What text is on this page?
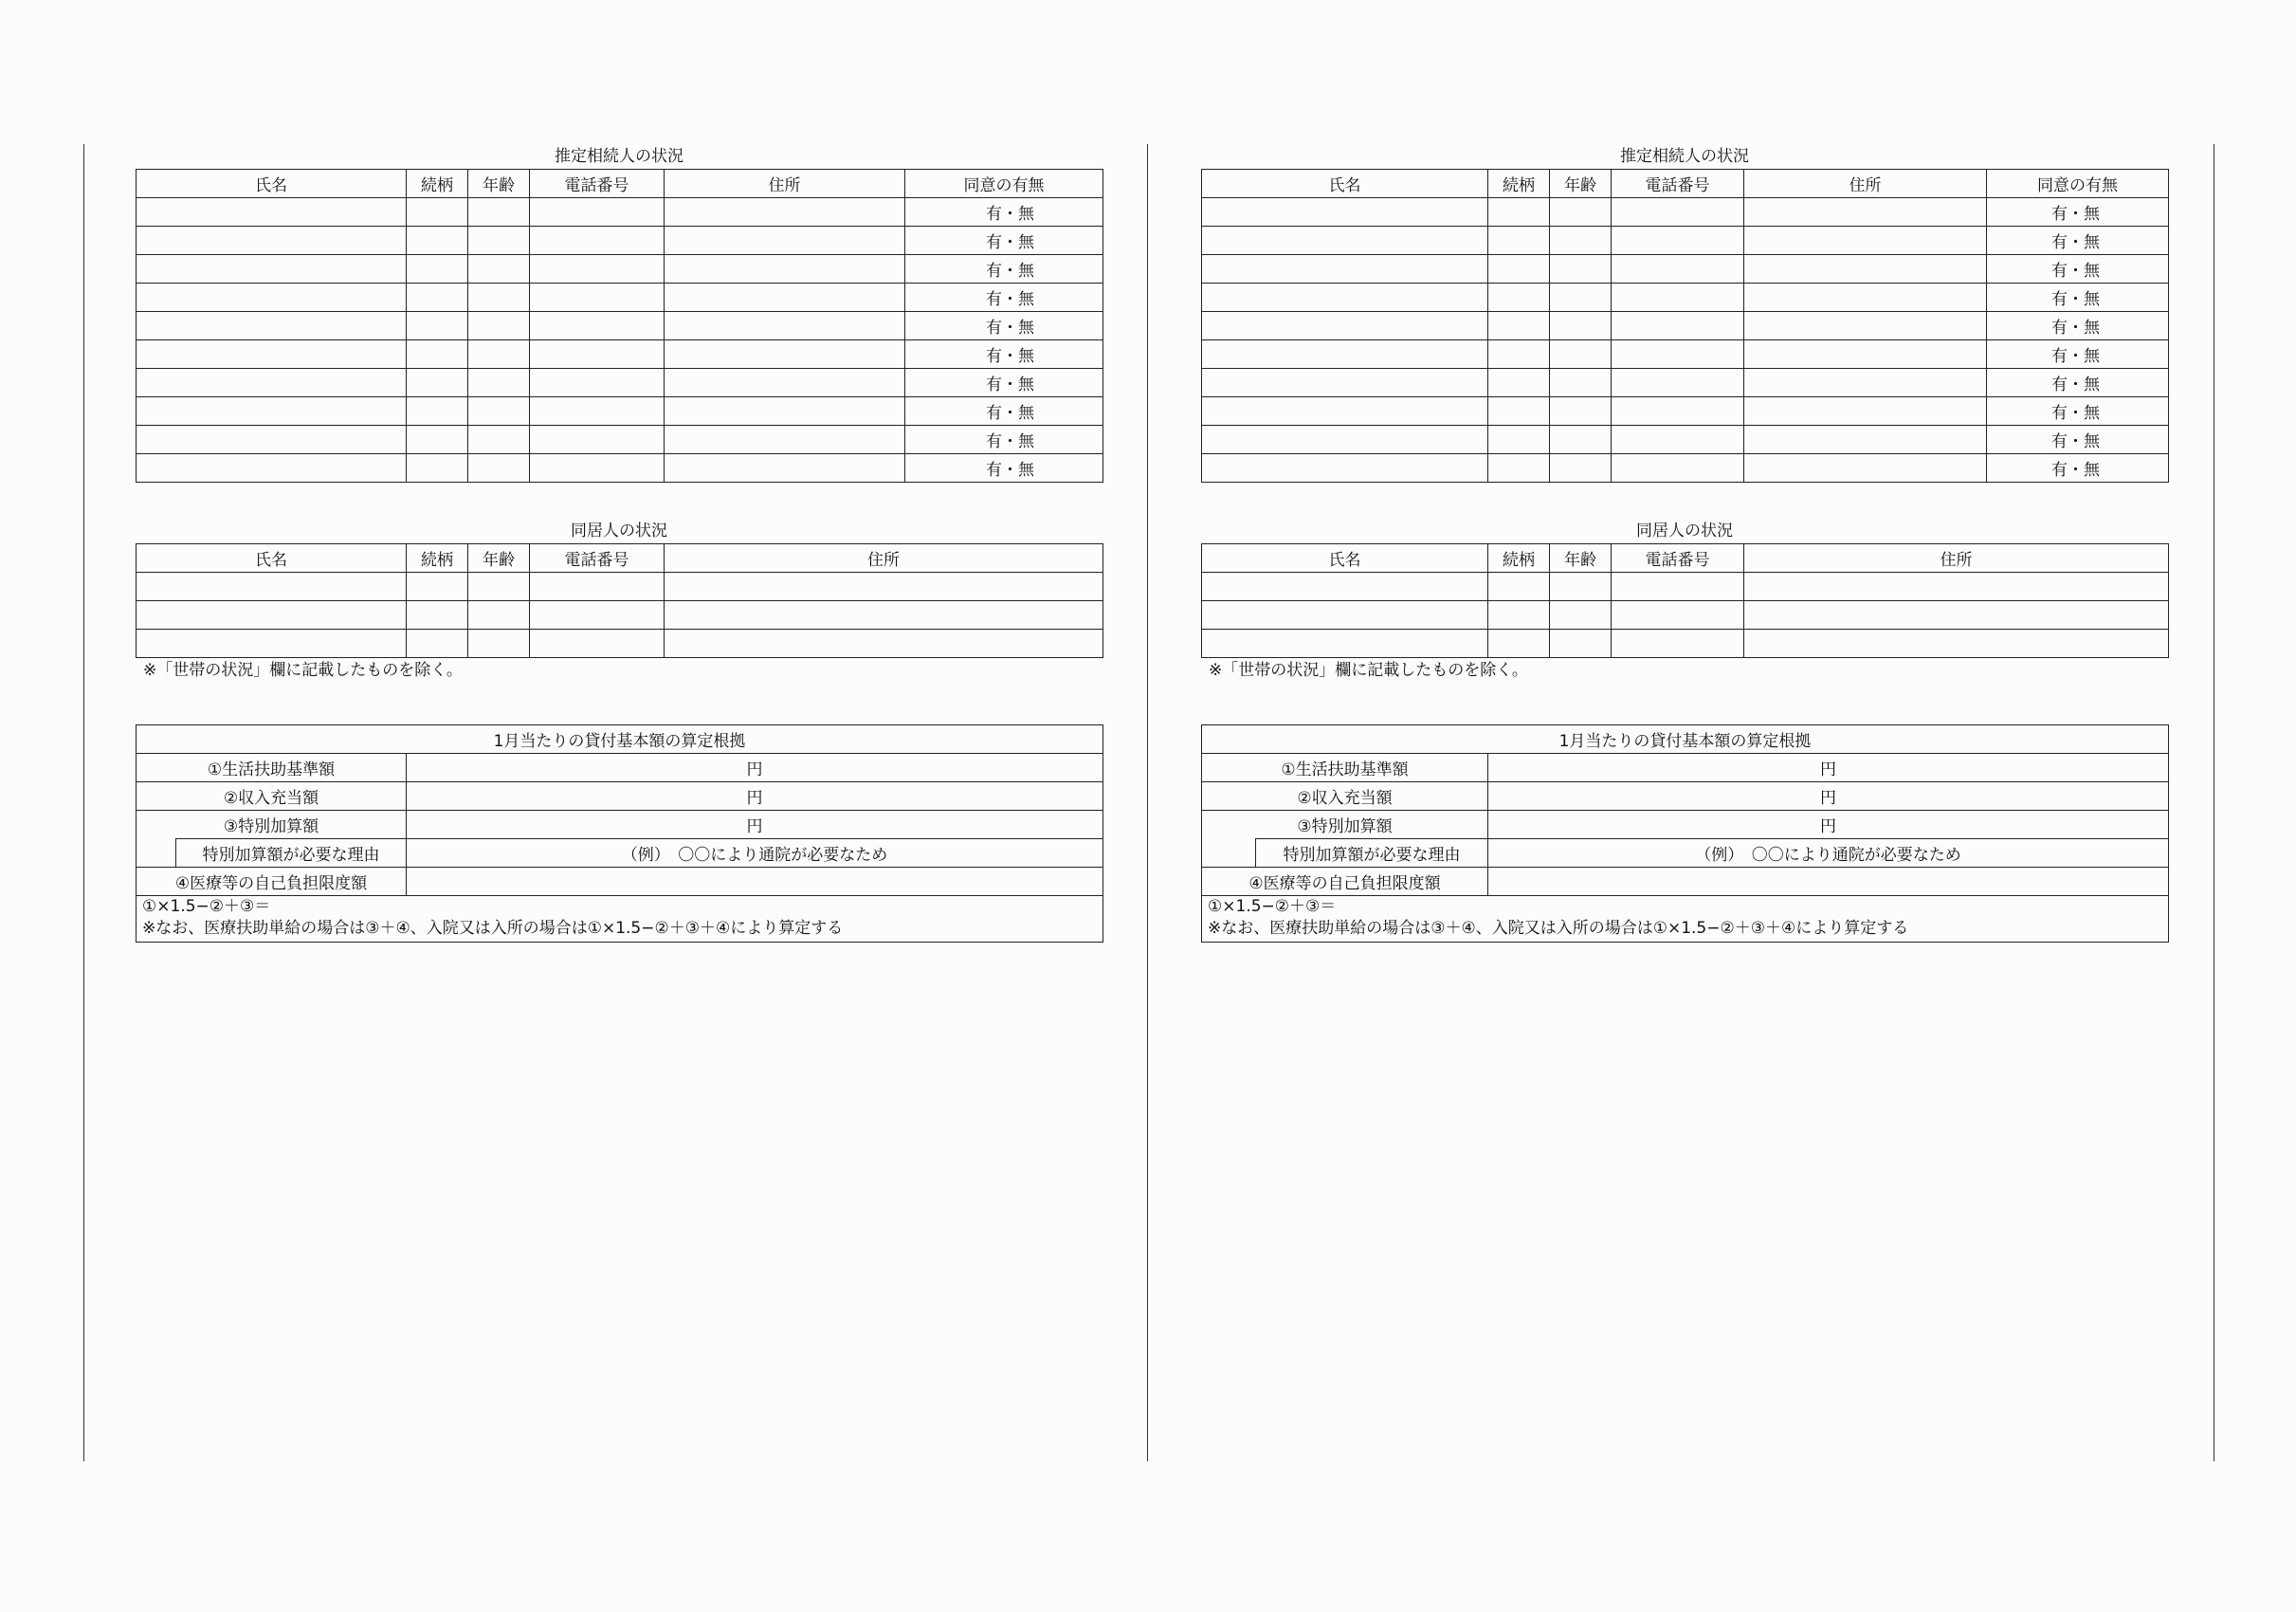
推定相続人の状況
氏名	続柄	年齢	電話番号	住所	同意の有無
					有・無
					有・無
					有・無
					有・無
					有・無
					有・無
					有・無
					有・無
					有・無
					有・無
同居人の状況
氏名	続柄	年齢	電話番号	住所

※「世帯の状況」欄に記載したものを除く。
1月当たりの貸付基本額の算定根拠		
①生活扶助基準額		円
②収入充当額		円
③特別加算額		円
	特別加算額が必要な理由	（例）　〇〇により通院が必要なため
④医療等の自己負担限度額		

①×1.5−②＋③＝
※なお、医療扶助単給の場合は③＋④、入院又は入所の場合は①×1.5−②＋③＋④により算定する		
推定相続人の状況
氏名	続柄	年齢	電話番号	住所	同意の有無
					有・無
					有・無
					有・無
					有・無
					有・無
					有・無
					有・無
					有・無
					有・無
					有・無
同居人の状況
氏名	続柄	年齢	電話番号	住所

※「世帯の状況」欄に記載したものを除く。
1月当たりの貸付基本額の算定根拠		
①生活扶助基準額		円
②収入充当額		円
③特別加算額		円
	特別加算額が必要な理由	（例）　〇〇により通院が必要なため
④医療等の自己負担限度額		

①×1.5−②＋③＝
※なお、医療扶助単給の場合は③＋④、入院又は入所の場合は①×1.5−②＋③＋④により算定する		
